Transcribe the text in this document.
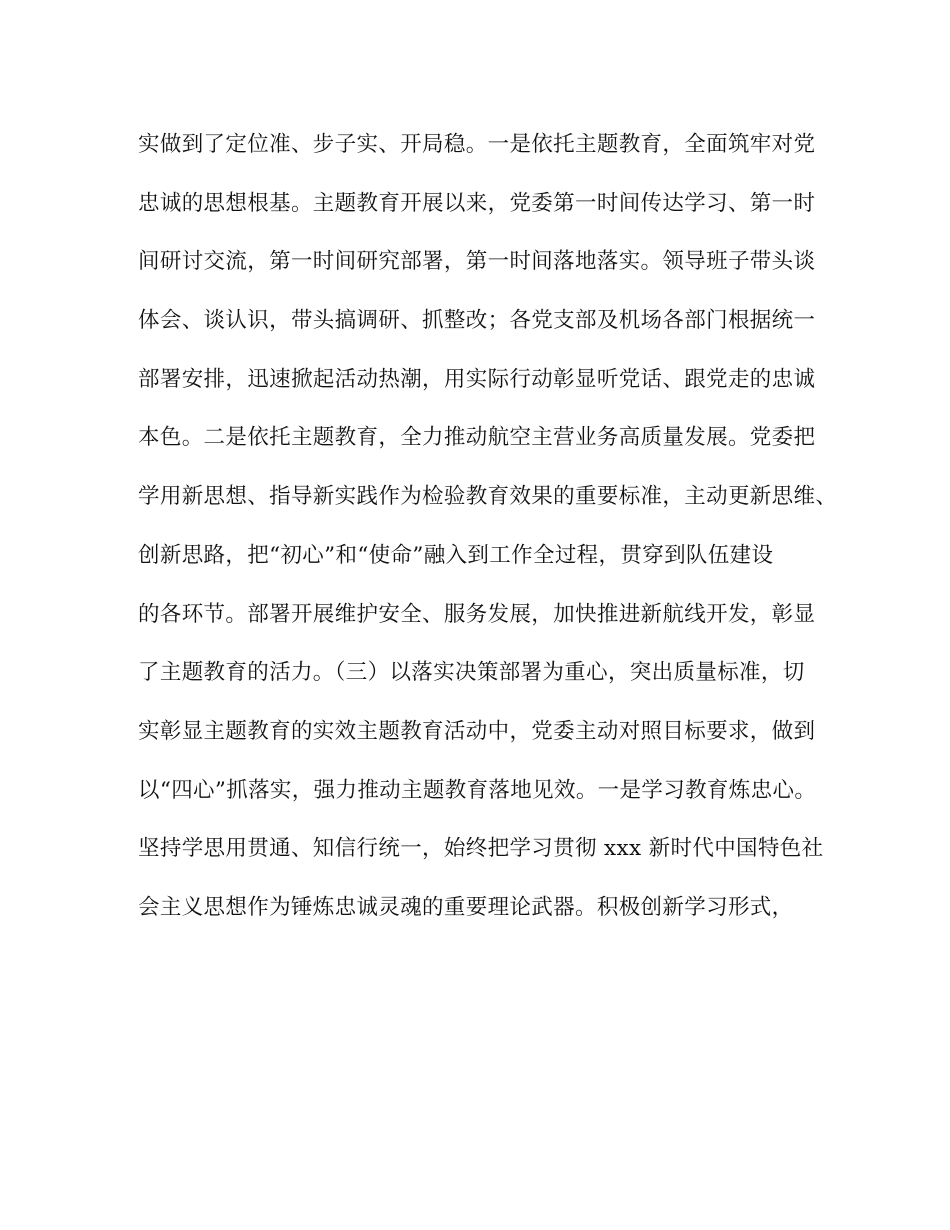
实做到了定位准、步子实、开局稳。一是依托主题教育，全面筑牢对党
忠诚的思想根基。主题教育开展以来，党委第一时间传达学习、第一时
间研讨交流，第一时间研究部署，第一时间落地落实。领导班子带头谈
体会、谈认识，带头搞调研、抓整改；各党支部及机场各部门根据统一
部署安排，迅速掀起活动热潮，用实际行动彰显听党话、跟党走的忠诚
本色。二是依托主题教育，全力推动航空主营业务高质量发展。党委把
学用新思想、指导新实践作为检验教育效果的重要标准，主动更新思维、
创新思路，把“初心”和“使命”融入到工作全过程，贯穿到队伍建设
的各环节。部署开展维护安全、服务发展，加快推进新航线开发，彰显
了主题教育的活力。（三）以落实决策部署为重心，突出质量标准，切
实彰显主题教育的实效主题教育活动中，党委主动对照目标要求，做到
以“四心”抓落实，强力推动主题教育落地见效。一是学习教育炼忠心。
坚持学思用贯通、知信行统一，始终把学习贯彻 xxx 新时代中国特色社
会主义思想作为锤炼忠诚灵魂的重要理论武器。积极创新学习形式，
